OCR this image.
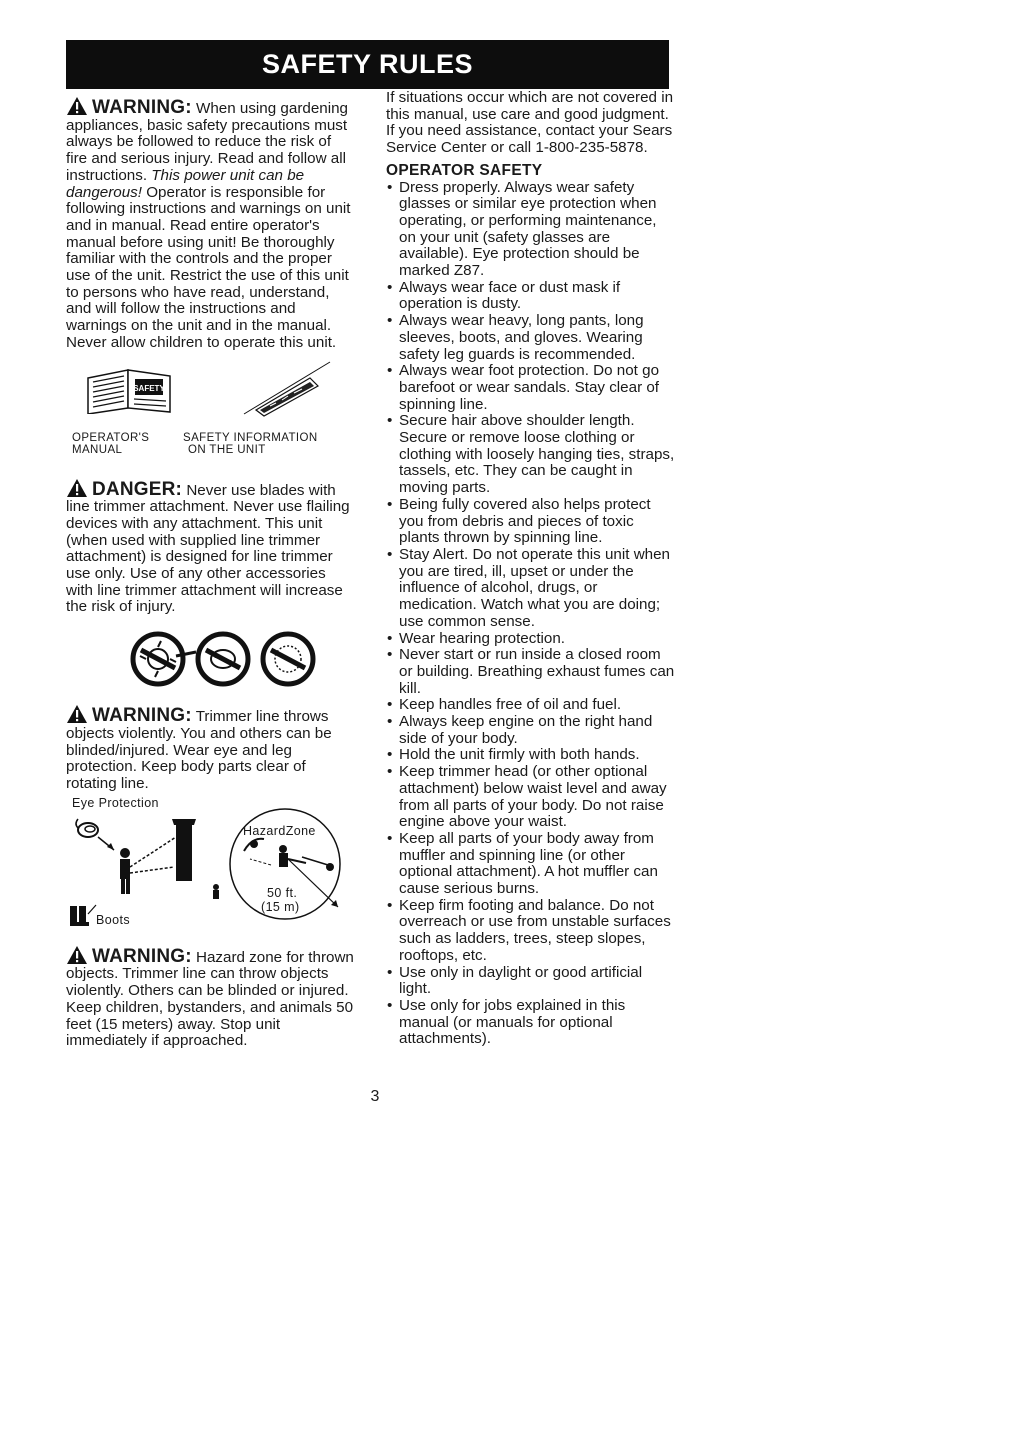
SAFETY RULES

WARNING: When using gardening appliances, basic safety precautions must always be followed to reduce the risk of fire and serious injury. Read and follow all instructions. This power unit can be dangerous! Operator is responsible for following instructions and warnings on unit and in manual. Read entire operator's manual before using unit! Be thoroughly familiar with the controls and the proper use of the unit. Restrict the use of this unit to persons who have read, understand, and will follow the instructions and warnings on the unit and in the manual. Never allow children to operate this unit.

SAFETY
OPERATOR'S
MANUAL
SAFETY INFORMATION
ON THE UNIT

DANGER: Never use blades with line trimmer attachment. Never use flailing devices with any attachment. This unit (when used with supplied line trimmer attachment) is designed for line trimmer use only. Use of any other accessories with line trimmer attachment will increase the risk of injury.

WARNING: Trimmer line throws objects violently. You and others can be blinded/injured. Wear eye and leg protection. Keep body parts clear of rotating line.

Eye Protection
HazardZone
50 ft.
(15 m)
Boots

WARNING: Hazard zone for thrown objects. Trimmer line can throw objects violently. Others can be blinded or injured. Keep children, bystanders, and animals 50 feet (15 meters) away. Stop unit immediately if approached.

If situations occur which are not covered in this manual, use care and good judgment. If you need assistance, contact your Sears Service Center or call 1-800-235-5878.

OPERATOR SAFETY
• Dress properly. Always wear safety glasses or similar eye protection when operating, or performing maintenance, on your unit (safety glasses are available). Eye protection should be marked Z87.
• Always wear face or dust mask if operation is dusty.
• Always wear heavy, long pants, long sleeves, boots, and gloves. Wearing safety leg guards is recommended.
• Always wear foot protection. Do not go barefoot or wear sandals. Stay clear of spinning line.
• Secure hair above shoulder length. Secure or remove loose clothing or clothing with loosely hanging ties, straps, tassels, etc. They can be caught in moving parts.
• Being fully covered also helps protect you from debris and pieces of toxic plants thrown by spinning line.
• Stay Alert. Do not operate this unit when you are tired, ill, upset or under the influence of alcohol, drugs, or medication. Watch what you are doing; use common sense.
• Wear hearing protection.
• Never start or run inside a closed room or building. Breathing exhaust fumes can kill.
• Keep handles free of oil and fuel.
• Always keep engine on the right hand side of your body.
• Hold the unit firmly with both hands.
• Keep trimmer head (or other optional attachment) below waist level and away from all parts of your body. Do not raise engine above your waist.
• Keep all parts of your body away from muffler and spinning line (or other optional attachment). A hot muffler can cause serious burns.
• Keep firm footing and balance. Do not overreach or use from unstable surfaces such as ladders, trees, steep slopes, rooftops, etc.
• Use only in daylight or good artificial light.
• Use only for jobs explained in this manual (or manuals for optional attachments).
3
